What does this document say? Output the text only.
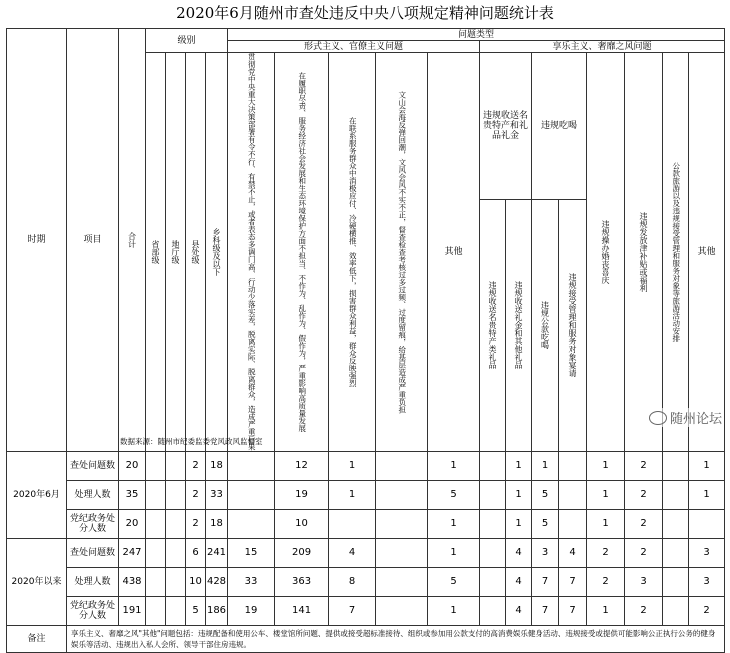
2020年6月随州市查处违反中央八项规定精神问题统计表
时期	项目	合计	级别				问题类型												
							形式主义、官僚主义问题					享乐主义、奢靡之风问题							

			省部级	地厅级	县处级	乡科级及以下	贯彻党中央重大决策部署有令不行、有禁不止，或者表态多调门高、行动少落实差，脱离实际、脱离群众，造成严重后果	在履职尽责、服务经济社会发展和生态环境保护方面不担当、不作为、乱作为、假作为，严重影响高质量发展	在联系服务群众中消极应付、冷硬横推、效率低下，损害群众利益，群众反映强烈	文山会海反弹回潮，文风会风不实不正，督查检查考核过多过频、过度留痕，给基层造成严重负担	其他	违规收送名贵特产和礼品礼金		违规吃喝		违规操办婚丧喜庆	违规发放津补贴或福利	公款旅游以及违规接受管理和服务对象等旅游活动安排	其他

												违规收送名贵特产类礼品	违规收送礼金和其他礼品	违规公款吃喝	违规接受管理和服务对象宴请				

2020年6月	查处问题数	20			2	18		12	1		1		1	1		1	2		1
	处理人数	35			2	33		19	1		5		1	5		1	2		1
	党纪政务处分人数	20			2	18		10			1		1	5		1	2		
2020年以来	查处问题数	247			6	241	15	209	4		1		4	3	4	2	2		3
	处理人数	438			10	428	33	363	8		5		4	7	7	2	3		3
	党纪政务处分人数	191			5	186	19	141	7		1		4	7	7	1	2		2
备注	享乐主义、奢靡之风"其他"问题包括：违规配备和使用公车、楼堂馆所问题、提供或接受超标准接待、组织或参加用公款支付的高消费娱乐健身活动、违规接受或提供可能影响公正执行公务的健身娱乐等活动、违规出入私人会所、领导干部住房违规。																		
数据来源：随州市纪委监委党风政风监督室
随州论坛
